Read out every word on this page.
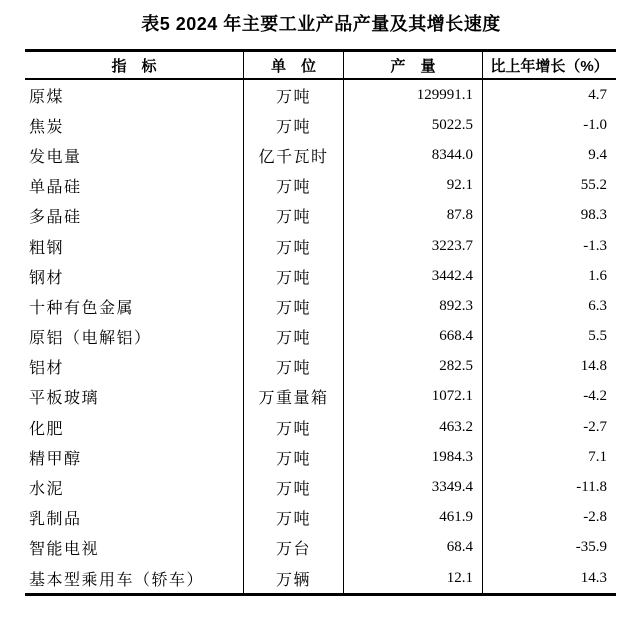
表5 2024 年主要工业产品产量及其增长速度
指　标	单　位	产　量	比上年增长（%）
原煤	万吨	129991.1	4.7
焦炭	万吨	5022.5	-1.0
发电量	亿千瓦时	8344.0	9.4
单晶硅	万吨	92.1	55.2
多晶硅	万吨	87.8	98.3
粗钢	万吨	3223.7	-1.3
钢材	万吨	3442.4	1.6
十种有色金属	万吨	892.3	6.3
原铝（电解铝）	万吨	668.4	5.5
铝材	万吨	282.5	14.8
平板玻璃	万重量箱	1072.1	-4.2
化肥	万吨	463.2	-2.7
精甲醇	万吨	1984.3	7.1
水泥	万吨	3349.4	-11.8
乳制品	万吨	461.9	-2.8
智能电视	万台	68.4	-35.9
基本型乘用车（轿车）	万辆	12.1	14.3
